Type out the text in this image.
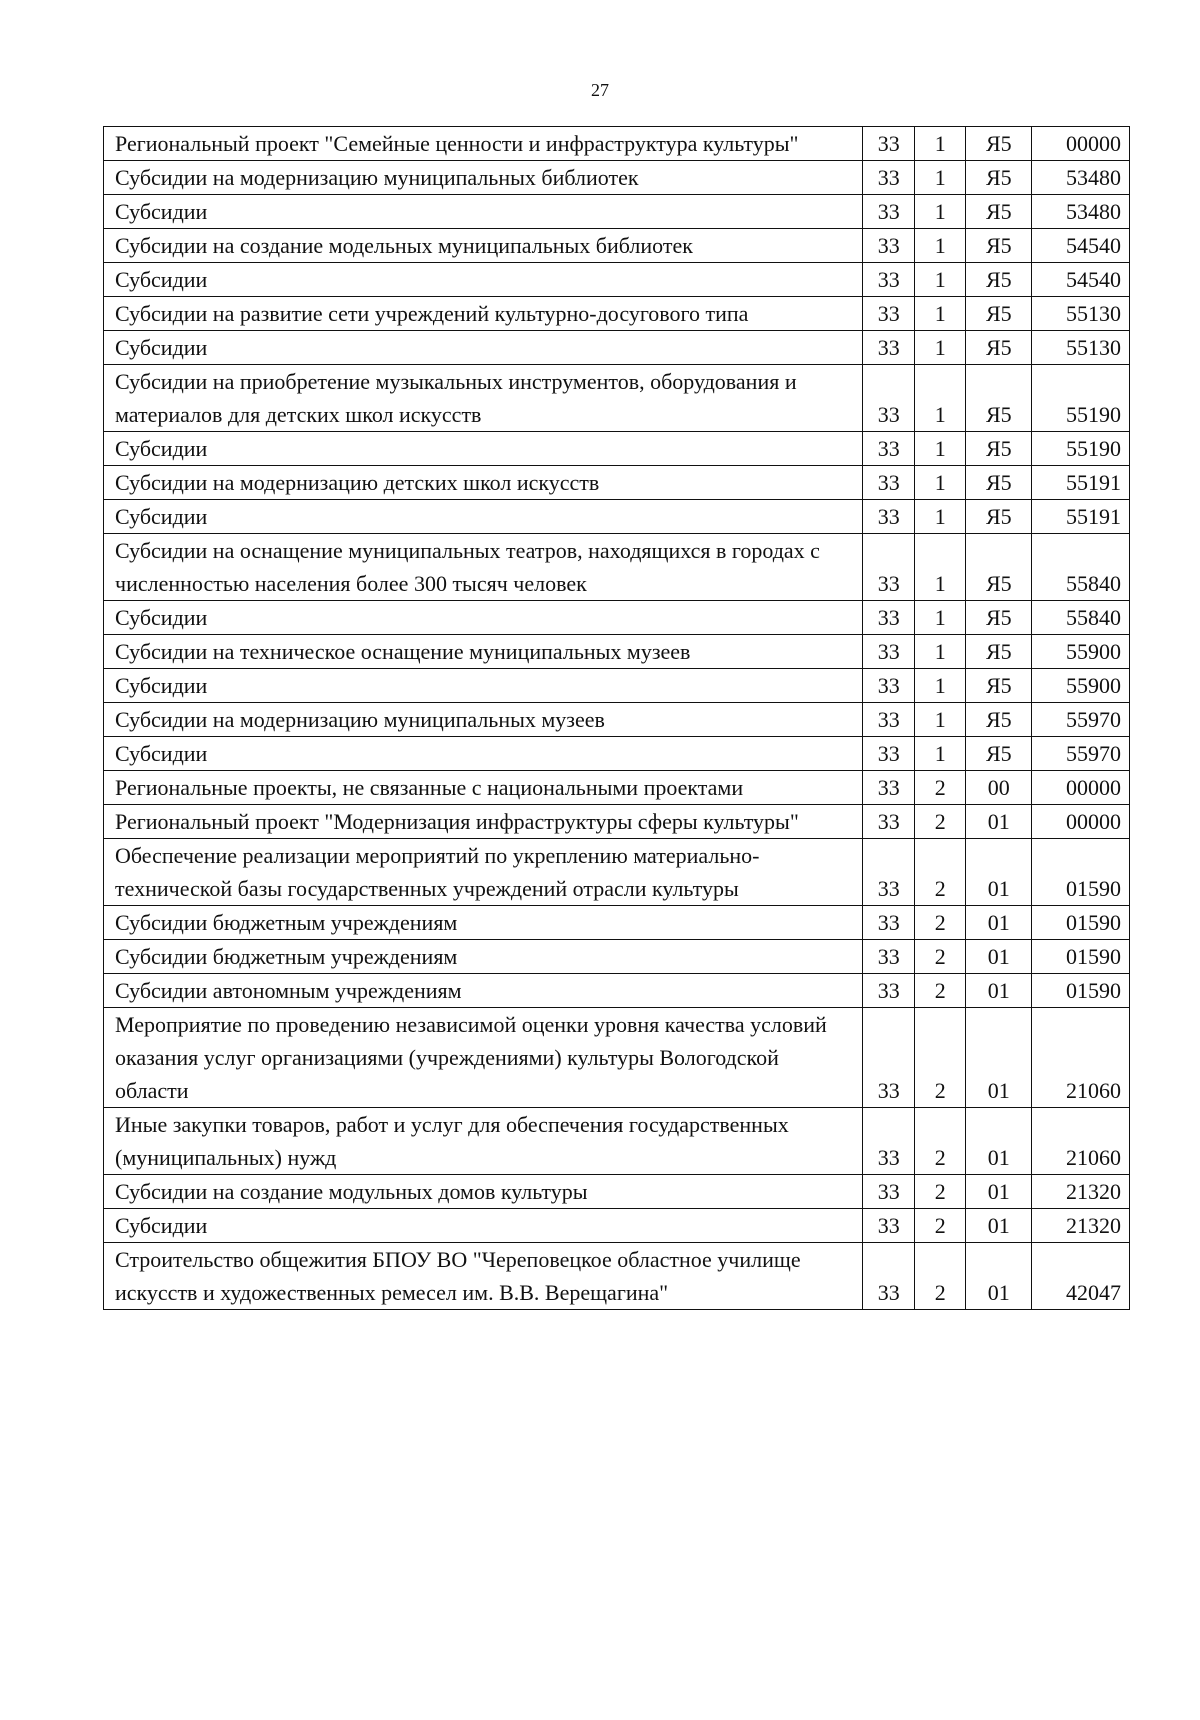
27
Региональный проект "Семейные ценности и инфраструктура культуры"	33	1	Я5	00000
Субсидии на модернизацию муниципальных библиотек	33	1	Я5	53480
Субсидии	33	1	Я5	53480
Субсидии на создание модельных муниципальных библиотек	33	1	Я5	54540
Субсидии	33	1	Я5	54540
Субсидии на развитие сети учреждений культурно-досугового типа	33	1	Я5	55130
Субсидии	33	1	Я5	55130
Субсидии на приобретение музыкальных инструментов, оборудования и материалов для детских школ искусств	33	1	Я5	55190
Субсидии	33	1	Я5	55190
Субсидии на модернизацию детских школ искусств	33	1	Я5	55191
Субсидии	33	1	Я5	55191
Субсидии на оснащение муниципальных театров, находящихся в городах с численностью населения более 300 тысяч человек	33	1	Я5	55840
Субсидии	33	1	Я5	55840
Субсидии на техническое оснащение муниципальных музеев	33	1	Я5	55900
Субсидии	33	1	Я5	55900
Субсидии на модернизацию муниципальных музеев	33	1	Я5	55970
Субсидии	33	1	Я5	55970
Региональные проекты, не связанные с национальными проектами	33	2	00	00000
Региональный проект "Модернизация инфраструктуры сферы культуры"	33	2	01	00000
Обеспечение реализации мероприятий по укреплению материально-технической базы государственных учреждений отрасли культуры	33	2	01	01590
Субсидии бюджетным учреждениям	33	2	01	01590
Субсидии бюджетным учреждениям	33	2	01	01590
Субсидии автономным учреждениям	33	2	01	01590
Мероприятие по проведению независимой оценки уровня качества условий оказания услуг организациями (учреждениями) культуры Вологодской области	33	2	01	21060
Иные закупки товаров, работ и услуг для обеспечения государственных (муниципальных) нужд	33	2	01	21060
Субсидии на создание модульных домов культуры	33	2	01	21320
Субсидии	33	2	01	21320
Строительство общежития БПОУ ВО "Череповецкое областное училище искусств и художественных ремесел им. В.В. Верещагина"	33	2	01	42047
